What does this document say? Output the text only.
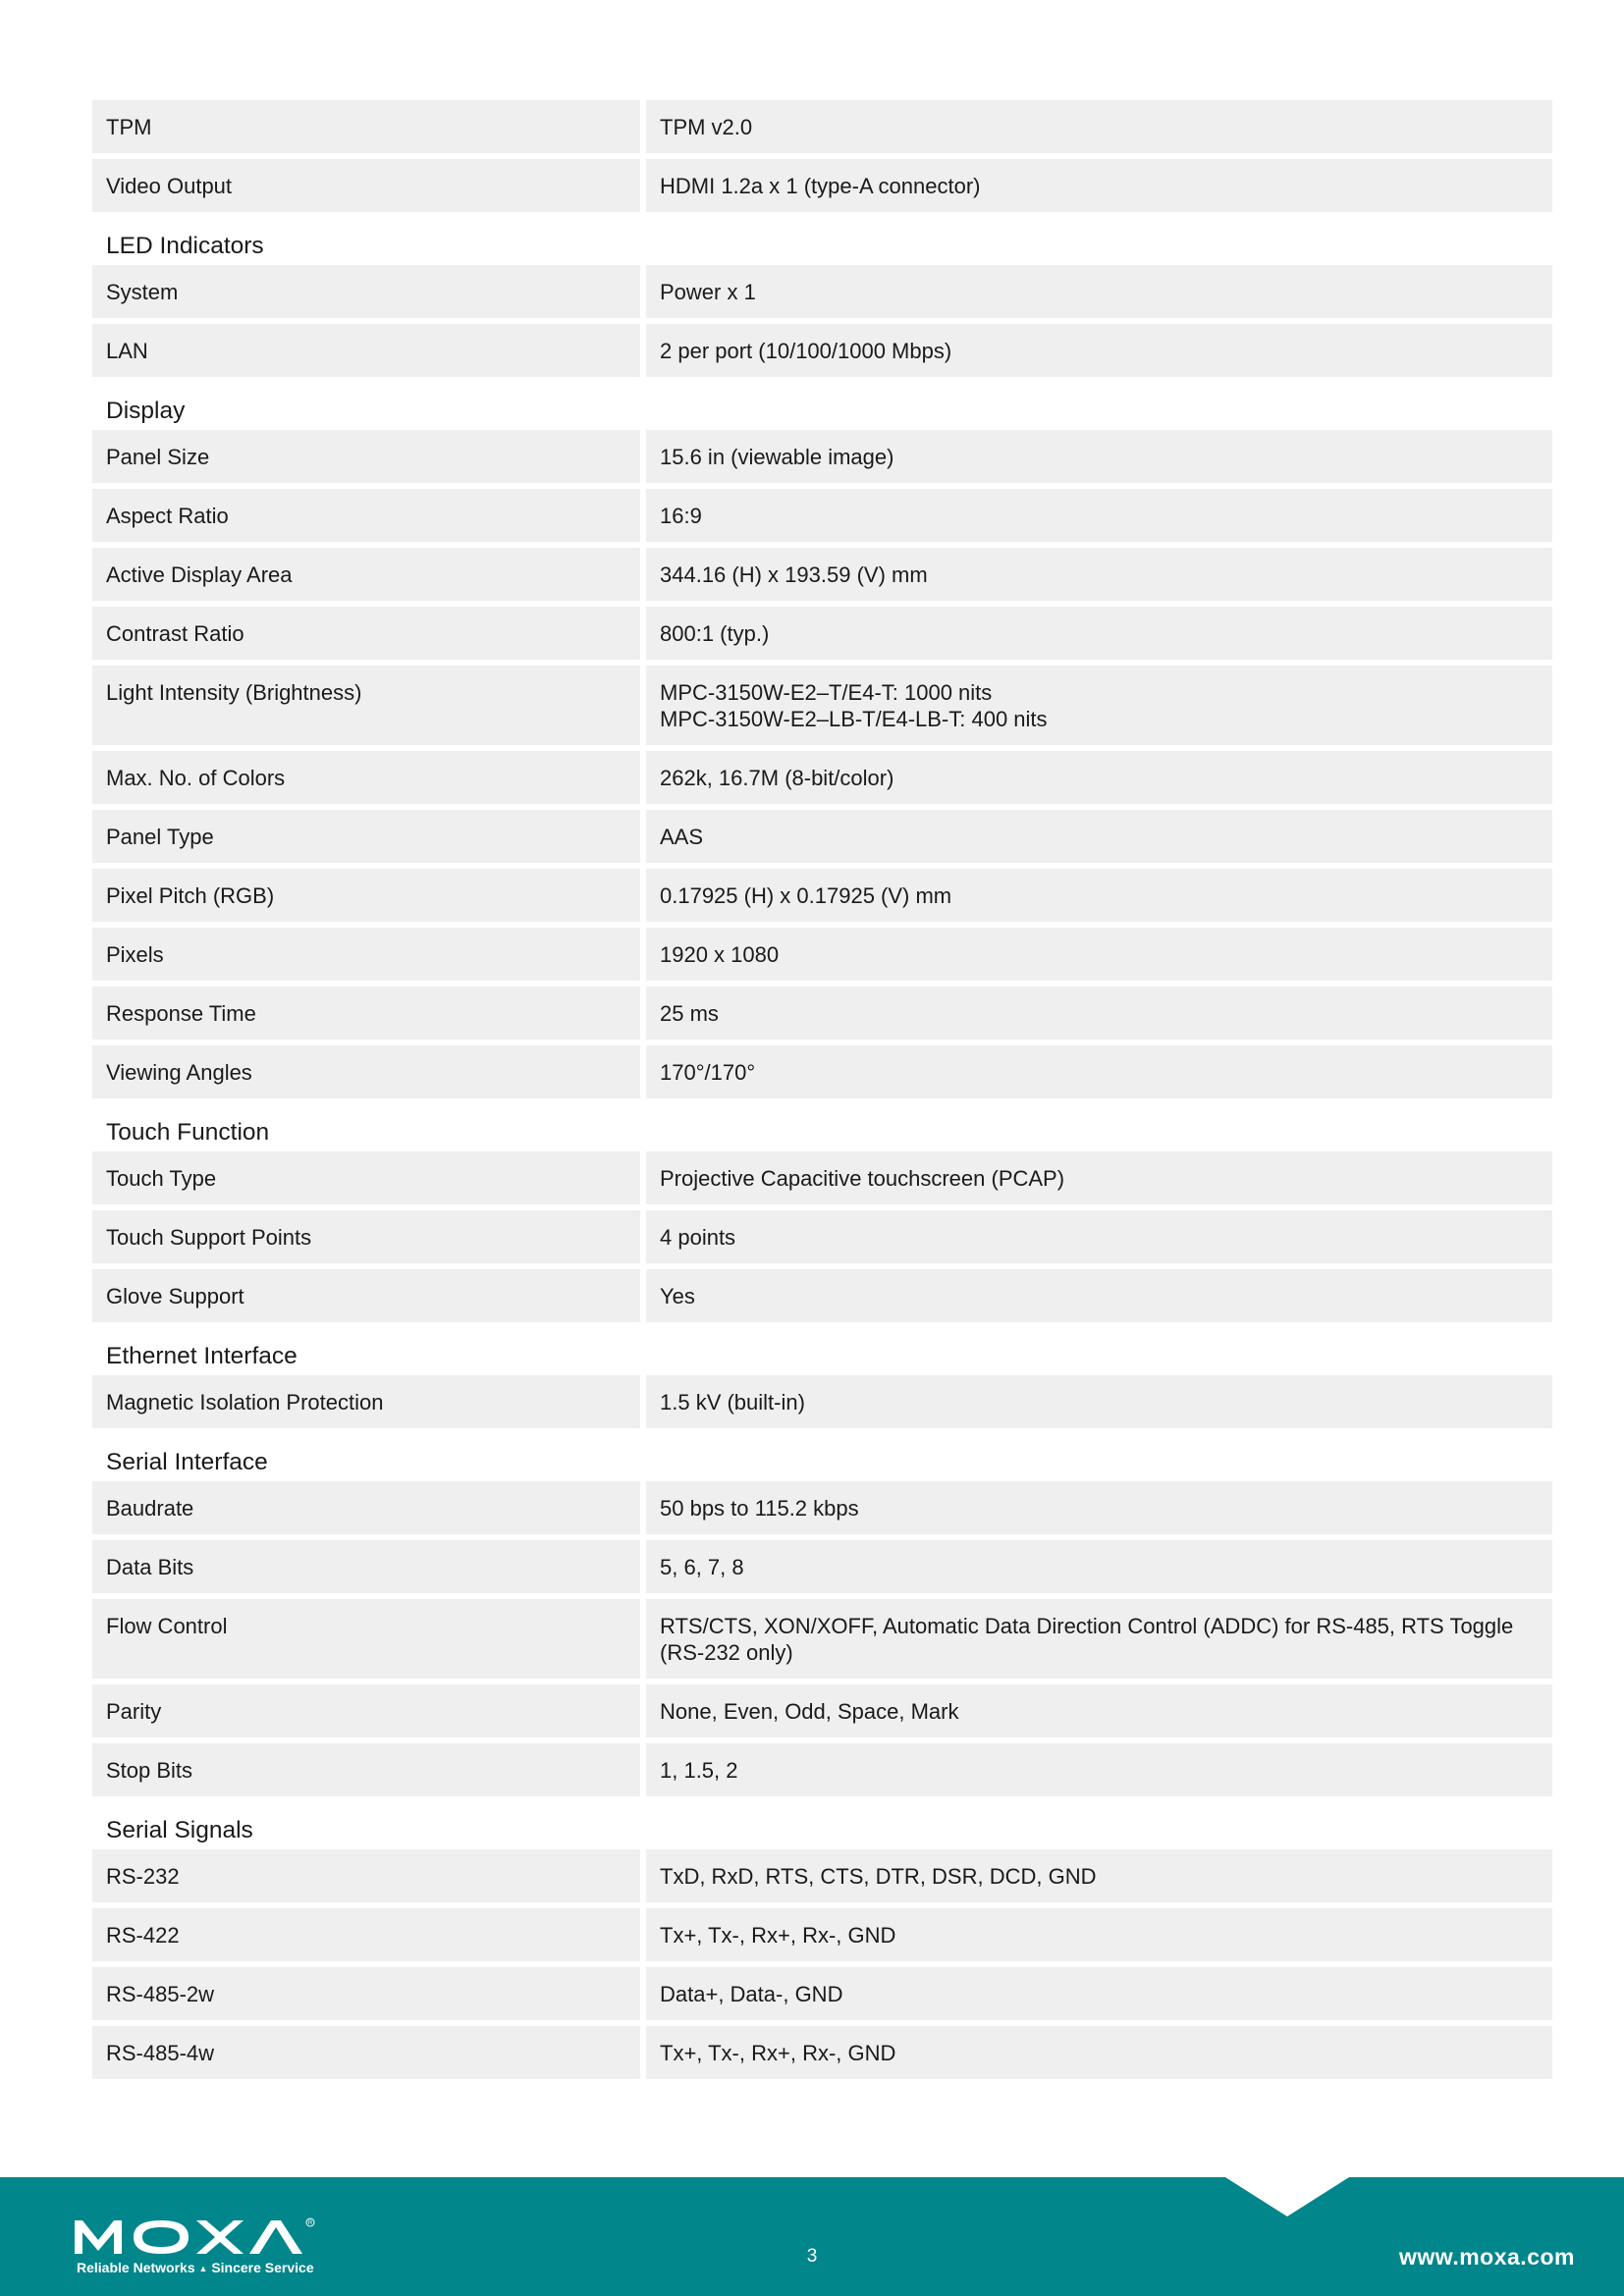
TPM	TPM v2.0
Video Output	HDMI 1.2a x 1 (type-A connector)
LED Indicators
System	Power x 1
LAN	2 per port (10/100/1000 Mbps)
Display
Panel Size	15.6 in (viewable image)
Aspect Ratio	16:9
Active Display Area	344.16 (H) x 193.59 (V) mm
Contrast Ratio	800:1 (typ.)
Light Intensity (Brightness)	MPC-3150W-E2–T/E4-T: 1000 nits
MPC-3150W-E2–LB-T/E4-LB-T: 400 nits
Max. No. of Colors	262k, 16.7M (8-bit/color)
Panel Type	AAS
Pixel Pitch (RGB)	0.17925 (H) x 0.17925 (V) mm
Pixels	1920 x 1080
Response Time	25 ms
Viewing Angles	170°/170°
Touch Function
Touch Type	Projective Capacitive touchscreen (PCAP)
Touch Support Points	4 points
Glove Support	Yes
Ethernet Interface
Magnetic Isolation Protection	1.5 kV (built-in)
Serial Interface
Baudrate	50 bps to 115.2 kbps
Data Bits	5, 6, 7, 8
Flow Control	RTS/CTS, XON/XOFF, Automatic Data Direction Control (ADDC) for RS-485, RTS Toggle
(RS-232 only)
Parity	None, Even, Odd, Space, Mark
Stop Bits	1, 1.5, 2
Serial Signals
RS-232	TxD, RxD, RTS, CTS, DTR, DSR, DCD, GND
RS-422	Tx+, Tx-, Rx+, Rx-, GND
RS-485-2w	Data+, Data-, GND
RS-485-4w	Tx+, Tx-, Rx+, Rx-, GND
R
Reliable Networks ▲ Sincere Service
3	www.moxa.com
